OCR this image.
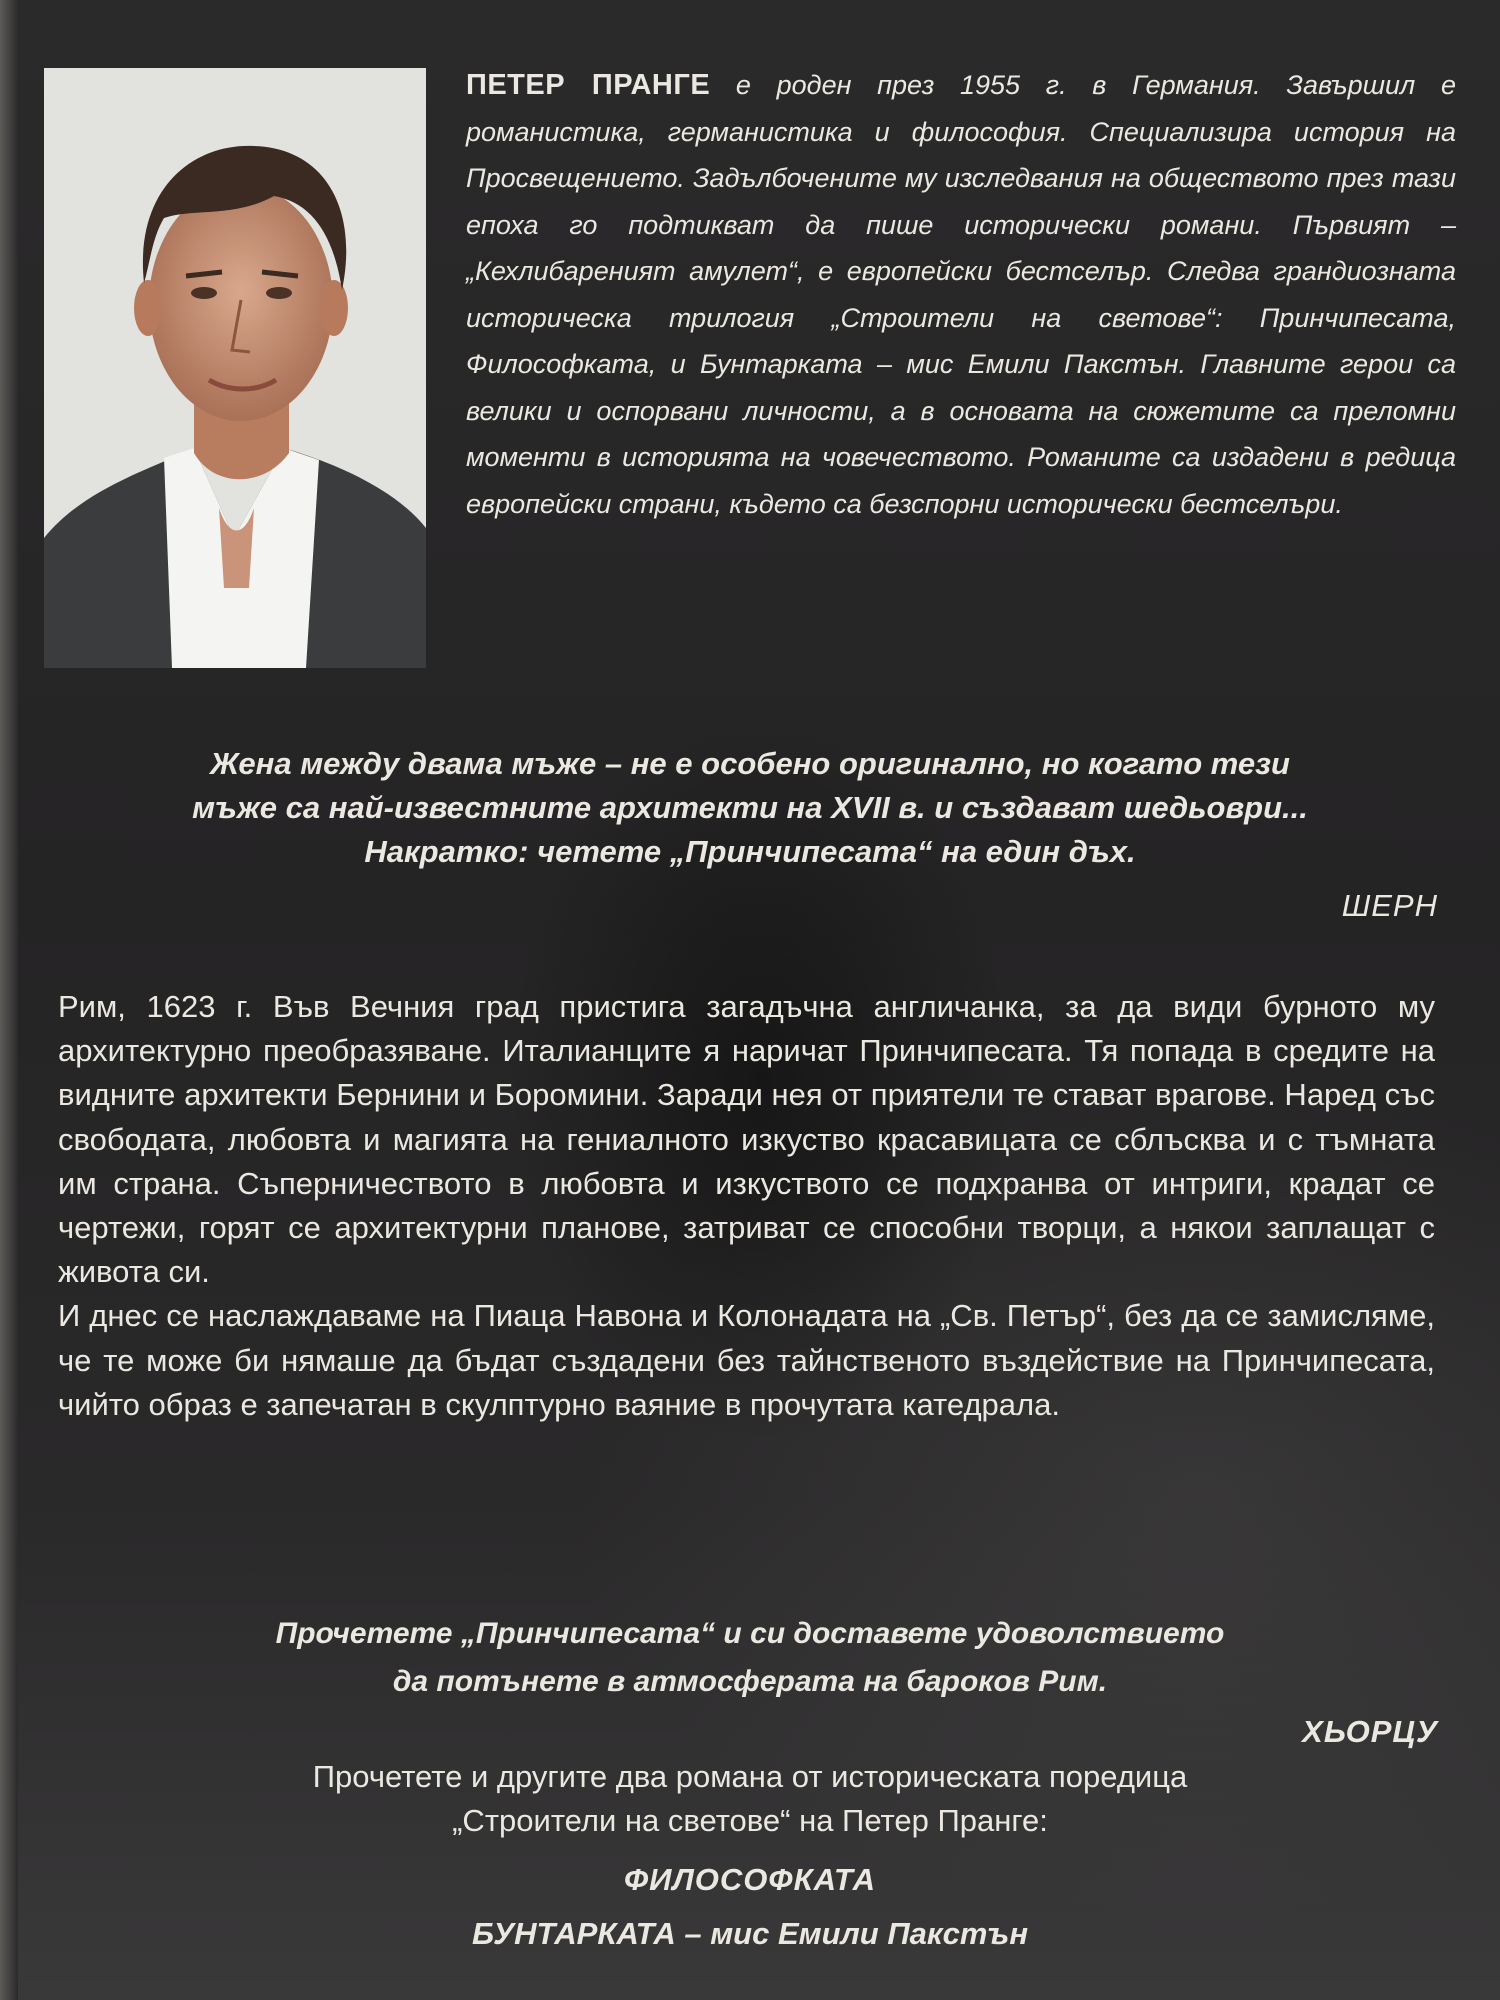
ПЕТЕР ПРАНГЕ е роден през 1955 г. в Германия. Завършил е романистика, германистика и философия. Специализира история на Просвещението. Задълбочените му изследвания на обществото през тази епоха го подтикват да пише исторически романи. Първият – „Кехлибареният амулет“, е европейски бестселър. Следва грандиозната историческа трилогия „Строители на светове“: Принчипесата, Философката, и Бунтарката – мис Емили Пакстън. Главните герои са велики и оспорвани личности, а в основата на сюжетите са преломни моменти в историята на човечеството. Романите са издадени в редица европейски страни, където са безспорни исторически бестселъри.

Жена между двама мъже – не е особено оригинално, но когато тези
мъже са най-известните архитекти на XVII в. и създават шедьоври...
Накратко: четете „Принчипесата“ на един дъх.
ШЕРН

Рим, 1623 г. Във Вечния град пристига загадъчна англичанка, за да види бурното му архитектурно преобразяване. Италианците я наричат Принчипесата. Тя попада в средите на видните архитекти Бернини и Боромини. Заради нея от приятели те стават врагове. Наред със свободата, любовта и магията на гениалното изкуство красавицата се сблъсква и с тъмната им страна. Съперничеството в любовта и изкуството се подхранва от интриги, крадат се чертежи, горят се архитектурни планове, затриват се способни творци, а някои заплащат с живота си.

И днес се наслаждаваме на Пиаца Навона и Колонадата на „Св. Петър“, без да се замисляме, че те може би нямаше да бъдат създадени без тайнственото въздействие на Принчипесата, чийто образ е запечатан в скулптурно ваяние в прочутата катедрала.

Прочетете „Принчипесата“ и си доставете удоволствието
да потънете в атмосферата на бароков Рим.
ХЬОРЦУ
Прочетете и другите два романа от историческата поредица
„Строители на светове“ на Петер Пранге:
ФИЛОСОФКАТА
БУНТАРКАТА – мис Емили Пакстън
